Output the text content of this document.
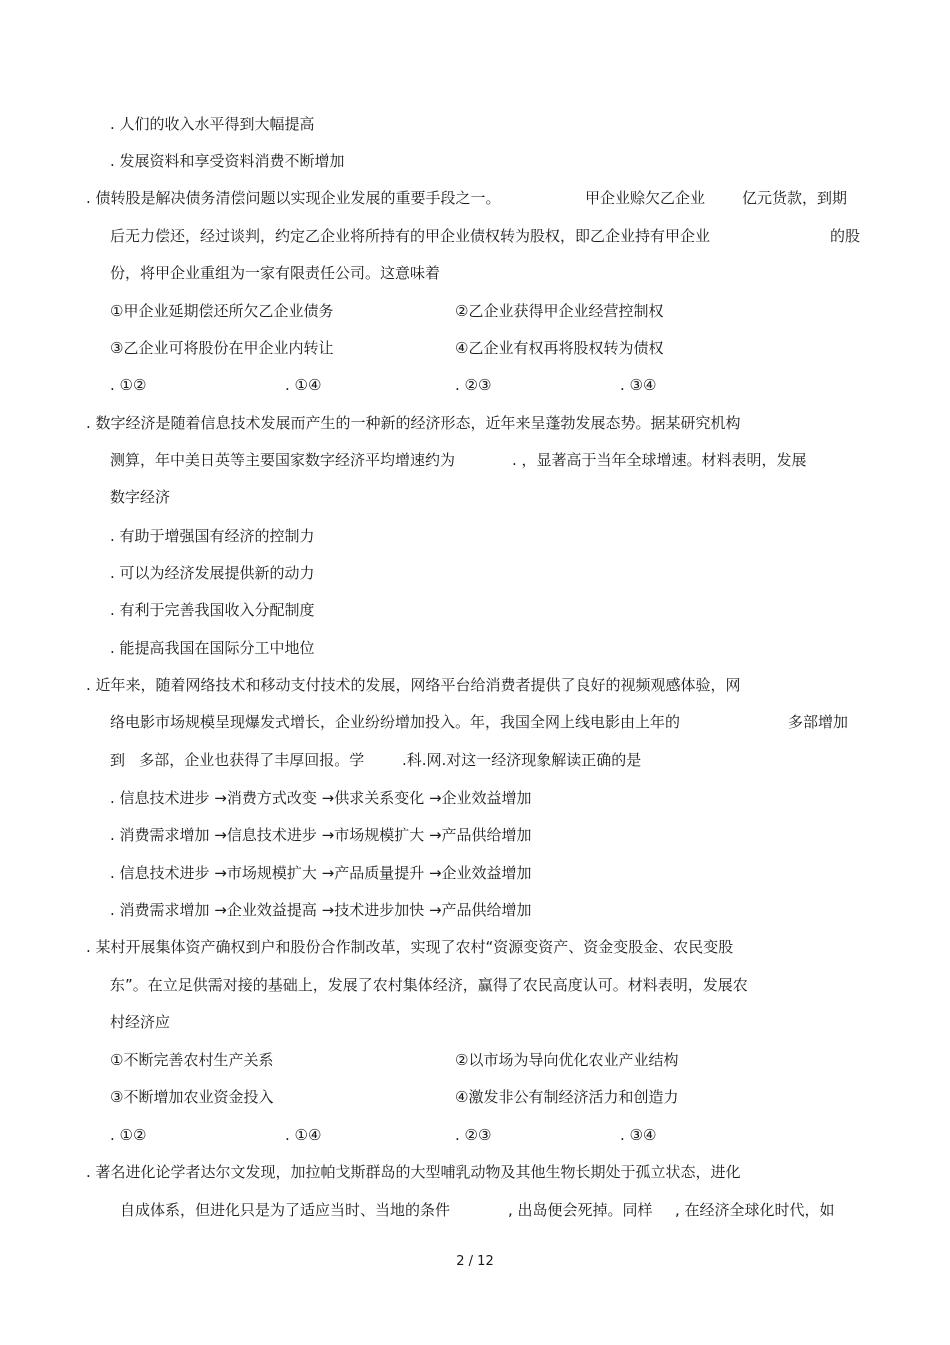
. 人们的收入水平得到大幅提高
. 发展资料和享受资料消费不断增加
. 债转股是解决债务清偿问题以实现企业发展的重要手段之一。	甲企业赊欠乙企业 亿元货款，到期
后无力偿还，经过谈判，约定乙企业将所持有的甲企业债权转为股权，即乙企业持有甲企业	的股
份，将甲企业重组为一家有限责任公司。这意味着
①甲企业延期偿还所欠乙企业债务	②乙企业获得甲企业经营控制权
③乙企业可将股份在甲企业内转让	④乙企业有权再将股权转为债权
. ①②	. ①④	. ②③	. ③④
. 数字经济是随着信息技术发展而产生的一种新的经济形态，近年来呈蓬勃发展态势。据某研究机构
测算，年中美日英等主要国家数字经济平均增速约为	. ，显著高于当年全球增速。材料表明，发展
数字经济
. 有助于增强国有经济的控制力
. 可以为经济发展提供新的动力
. 有利于完善我国收入分配制度
. 能提高我国在国际分工中地位
. 近年来，随着网络技术和移动支付技术的发展，网络平台给消费者提供了良好的视频观感体验，网
络电影市场规模呈现爆发式增长，企业纷纷增加投入。年，我国全网上线电影由上年的	多部增加
到   多部，企业也获得了丰厚回报。学	.科.网.对这一经济现象解读正确的是
. 信息技术进步 →消费方式改变 →供求关系变化 →企业效益增加
. 消费需求增加 →信息技术进步 →市场规模扩大 →产品供给增加
. 信息技术进步 →市场规模扩大 →产品质量提升 →企业效益增加
. 消费需求增加 →企业效益提高 →技术进步加快 →产品供给增加
. 某村开展集体资产确权到户和股份合作制改革，实现了农村“资源变资产、资金变股金、农民变股
东”。在立足供需对接的基础上，发展了农村集体经济，赢得了农民高度认可。材料表明，发展农
村经济应
①不断完善农村生产关系	②以市场为导向优化农业产业结构
③不断增加农业资金投入	④激发非公有制经济活力和创造力
. ①②	. ①④	. ②③	. ③④
. 著名进化论学者达尔文发现，加拉帕戈斯群岛的大型哺乳动物及其他生物长期处于孤立状态，进化
自成体系，但进化只是为了适应当时、当地的条件	, 出岛便会死掉。同样 , 在经济全球化时代，如
2 / 12
